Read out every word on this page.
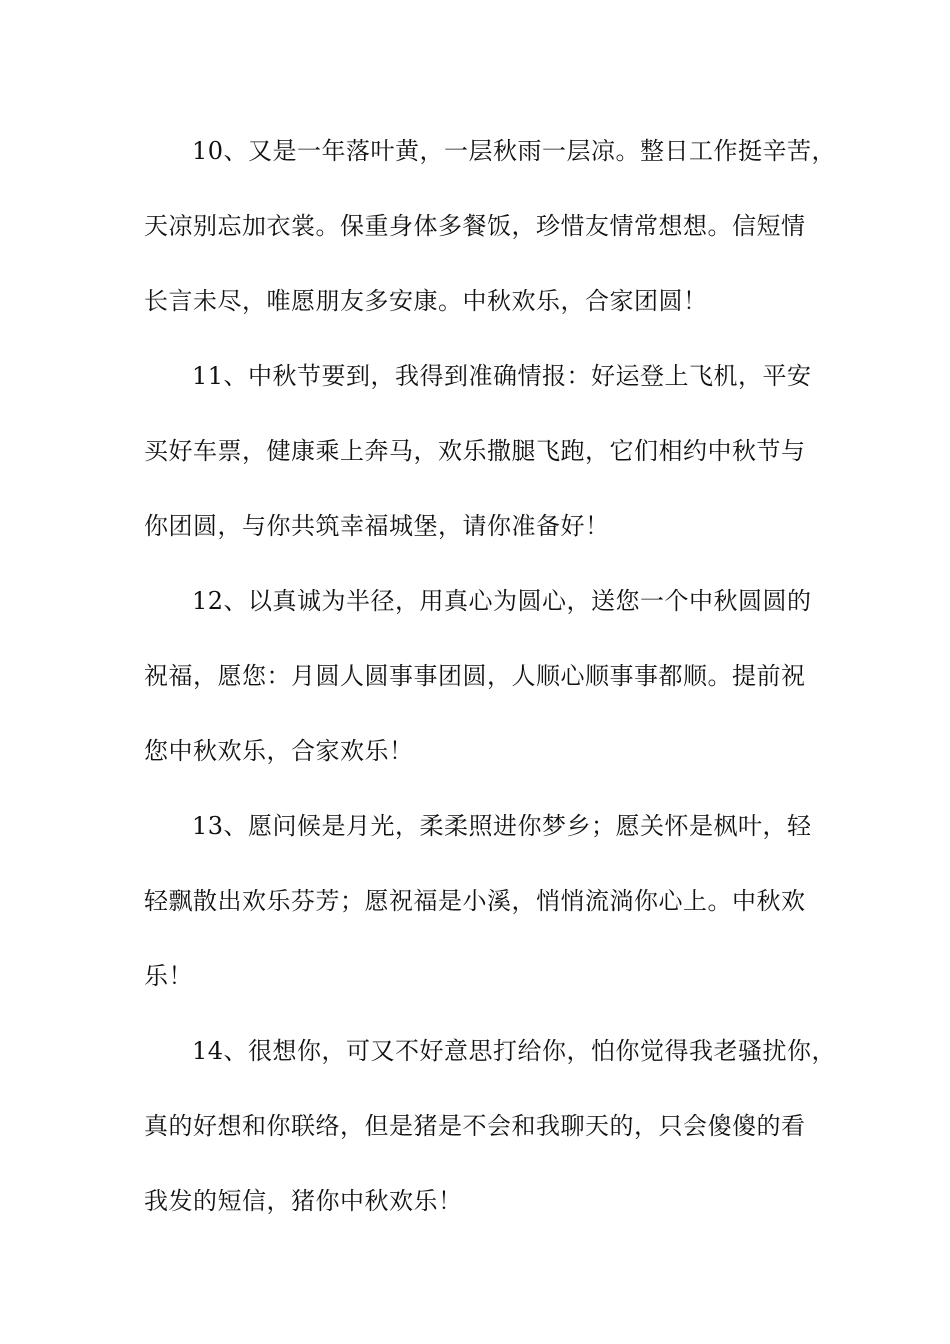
10、又是一年落叶黄，一层秋雨一层凉。整日工作挺辛苦，
天凉别忘加衣裳。保重身体多餐饭，珍惜友情常想想。信短情
长言未尽，唯愿朋友多安康。中秋欢乐，合家团圆！

11、中秋节要到，我得到准确情报：好运登上飞机，平安
买好车票，健康乘上奔马，欢乐撒腿飞跑，它们相约中秋节与
你团圆，与你共筑幸福城堡，请你准备好！

12、以真诚为半径，用真心为圆心，送您一个中秋圆圆的
祝福，愿您：月圆人圆事事团圆，人顺心顺事事都顺。提前祝
您中秋欢乐，合家欢乐！

13、愿问候是月光，柔柔照进你梦乡；愿关怀是枫叶，轻
轻飘散出欢乐芬芳；愿祝福是小溪，悄悄流淌你心上。中秋欢
乐！

14、很想你，可又不好意思打给你，怕你觉得我老骚扰你，
真的好想和你联络，但是猪是不会和我聊天的，只会傻傻的看
我发的短信，猪你中秋欢乐！
